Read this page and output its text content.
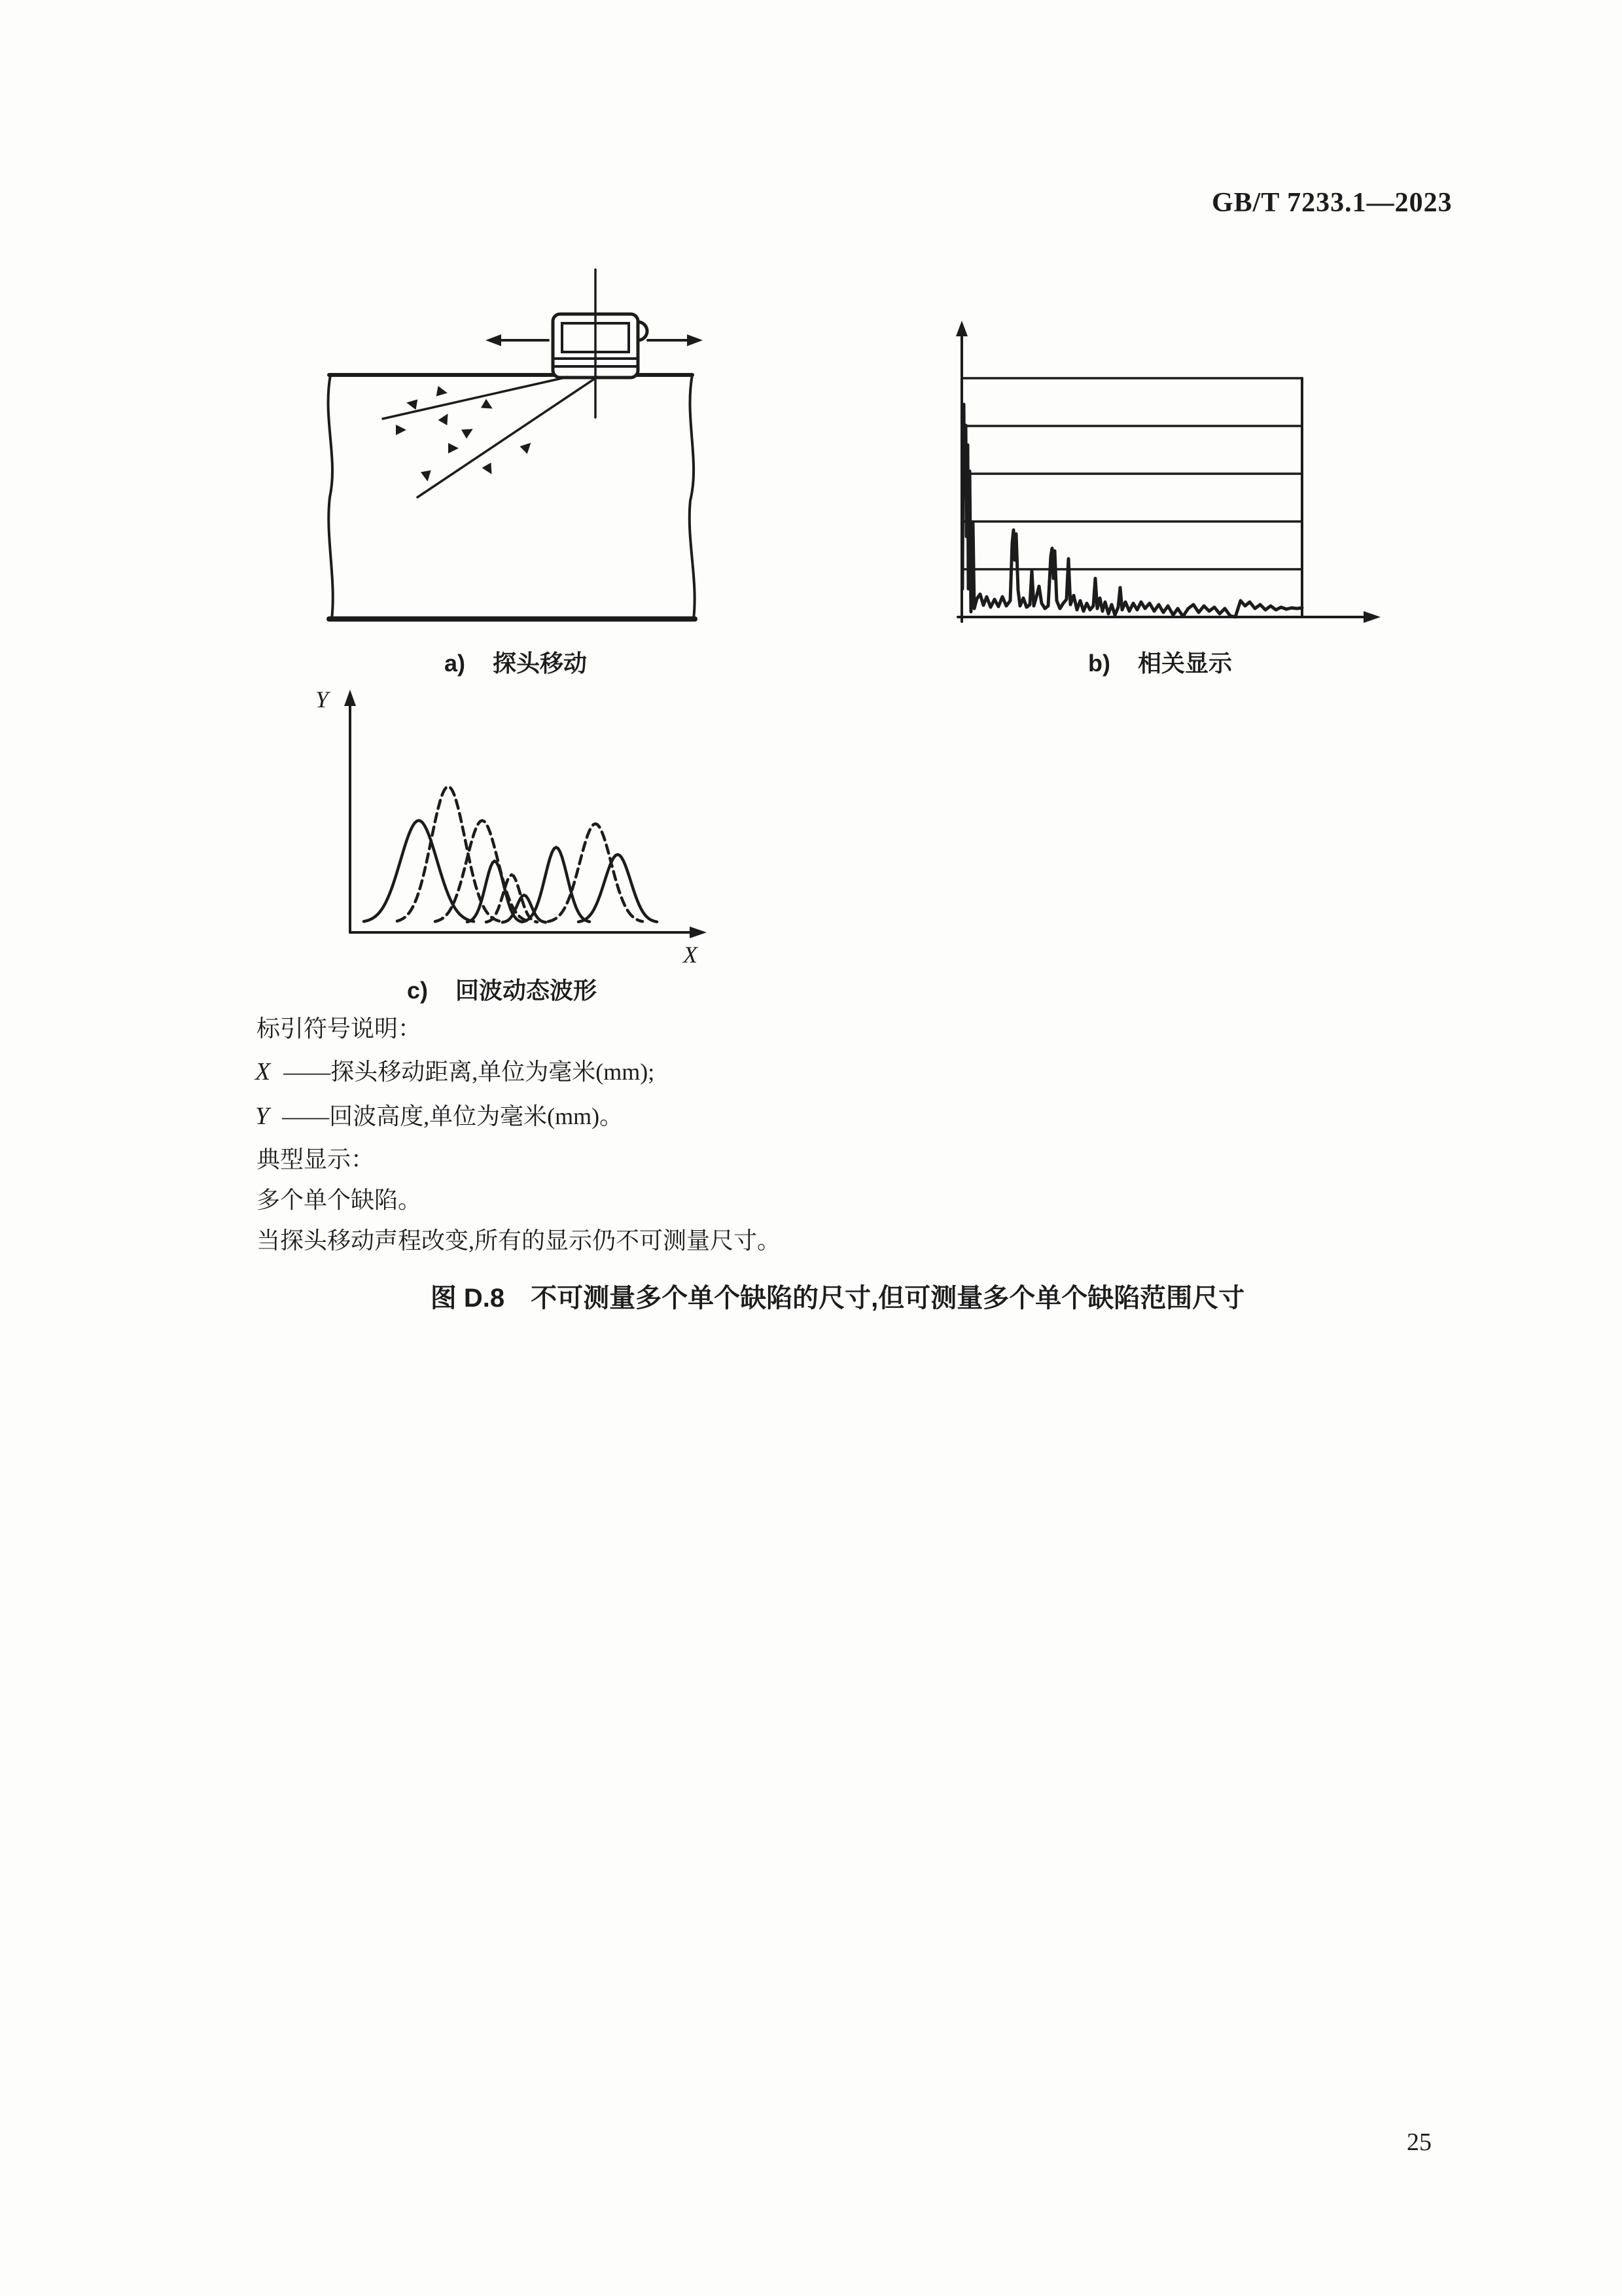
GB/T 7233.1—2023
a) 探头移动	b) 相关显示
c) 回波动态波形
Y
X
标引符号说明：
X ——探头移动距离,单位为毫米(mm);
Y ——回波高度,单位为毫米(mm)。
典型显示：
多个单个缺陷。
当探头移动声程改变,所有的显示仍不可测量尺寸。
图 D.8　不可测量多个单个缺陷的尺寸,但可测量多个单个缺陷范围尺寸
25
